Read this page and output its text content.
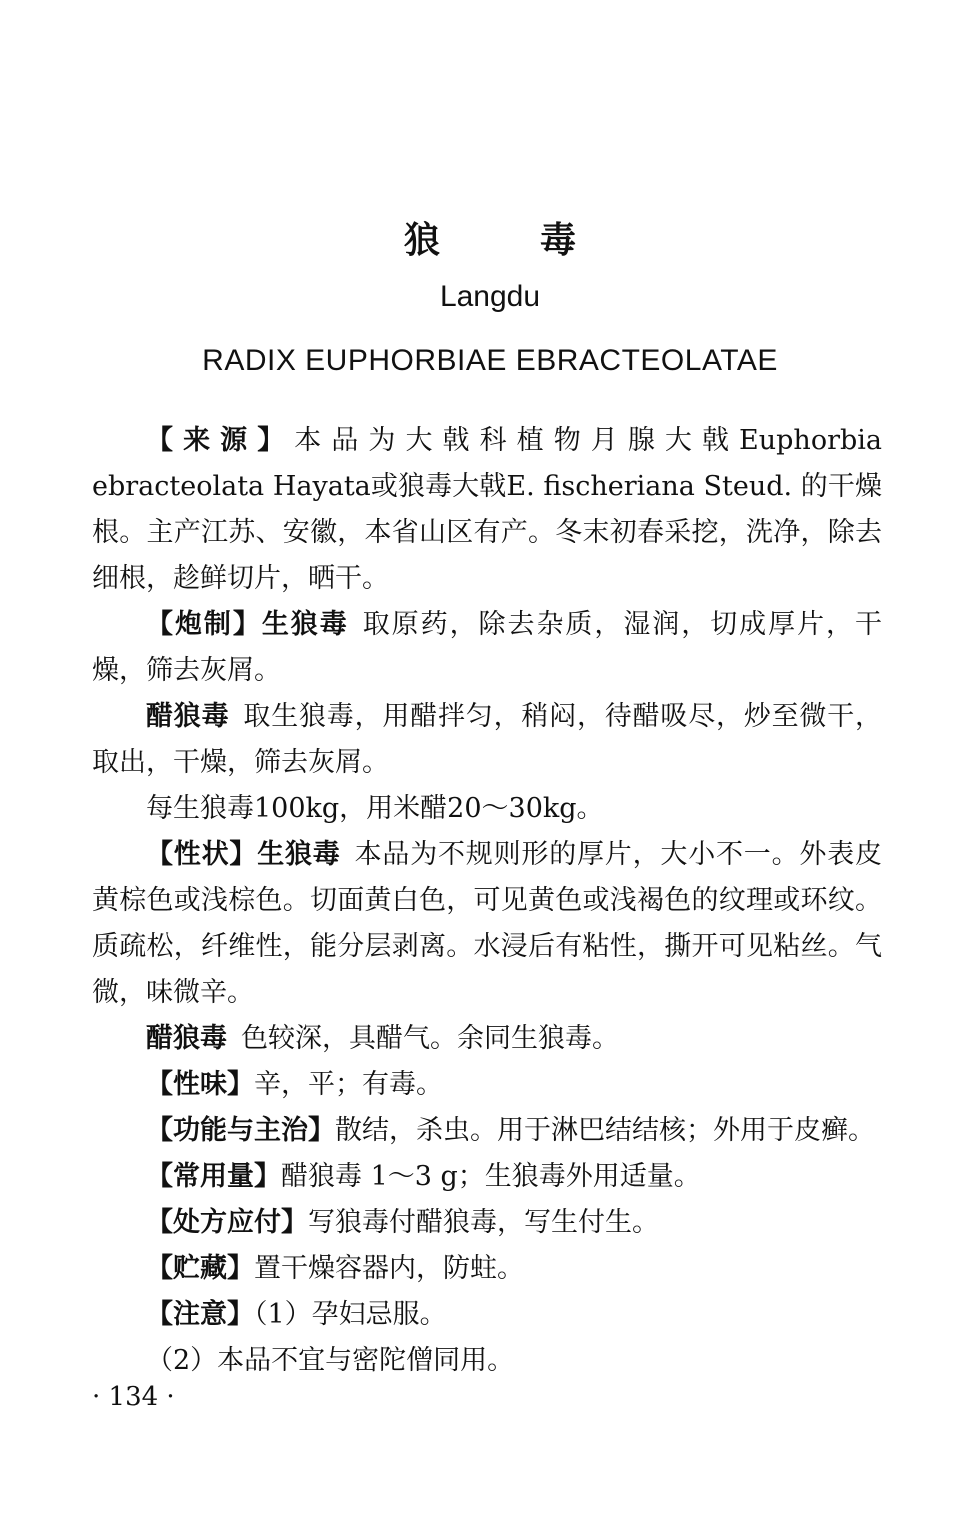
狼毒
Langdu
RADIX EUPHORBIAE EBRACTEOLATAE

【来源】本品为大戟科植物月腺大戟Euphorbia ebracteolata Hayata或狼毒大戟E. fischeriana Steud. 的干燥根。主产江苏、安徽，本省山区有产。冬末初春采挖，洗净，除去细根，趁鲜切片，晒干。

【炮制】生狼毒 取原药，除去杂质，湿润，切成厚片，干燥，筛去灰屑。

醋狼毒 取生狼毒，用醋拌匀，稍闷，待醋吸尽，炒至微干，取出，干燥，筛去灰屑。

每生狼毒100kg，用米醋20～30kg。

【性状】生狼毒 本品为不规则形的厚片，大小不一。外表皮黄棕色或浅棕色。切面黄白色，可见黄色或浅褐色的纹理或环纹。质疏松，纤维性，能分层剥离。水浸后有粘性，撕开可见粘丝。气微，味微辛。

醋狼毒 色较深，具醋气。余同生狼毒。

【性味】辛，平；有毒。

【功能与主治】散结，杀虫。用于淋巴结结核；外用于皮癣。

【常用量】醋狼毒 1～3 g；生狼毒外用适量。

【处方应付】写狼毒付醋狼毒，写生付生。

【贮藏】置干燥容器内，防蛀。

【注意】（1）孕妇忌服。

（2）本品不宜与密陀僧同用。

· 134 ·
